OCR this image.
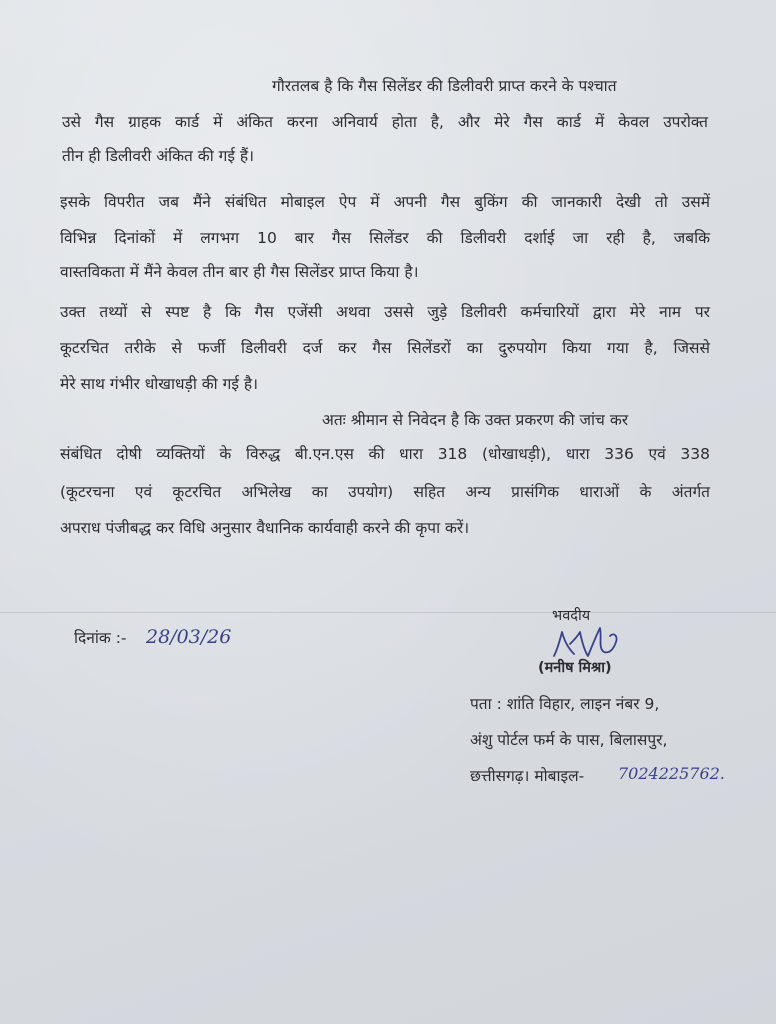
गौरतलब है कि गैस सिलेंडर की डिलीवरी प्राप्त करने के पश्चात
उसे गैस ग्राहक कार्ड में अंकित करना अनिवार्य होता है, और मेरे गैस कार्ड में केवल उपरोक्त
तीन ही डिलीवरी अंकित की गई हैं।
इसके विपरीत जब मैंने संबंधित मोबाइल ऐप में अपनी गैस बुकिंग की जानकारी देखी तो उसमें
विभिन्न दिनांकों में लगभग 10 बार गैस सिलेंडर की डिलीवरी दर्शाई जा रही है, जबकि
वास्तविकता में मैंने केवल तीन बार ही गैस सिलेंडर प्राप्त किया है।
उक्त तथ्यों से स्पष्ट है कि गैस एजेंसी अथवा उससे जुड़े डिलीवरी कर्मचारियों द्वारा मेरे नाम पर
कूटरचित तरीके से फर्जी डिलीवरी दर्ज कर गैस सिलेंडरों का दुरुपयोग किया गया है, जिससे
मेरे साथ गंभीर धोखाधड़ी की गई है।
अतः श्रीमान से निवेदन है कि उक्त प्रकरण की जांच कर
संबंधित दोषी व्यक्तियों के विरुद्ध बी.एन.एस की धारा 318 (धोखाधड़ी), धारा 336 एवं 338
(कूटरचना एवं कूटरचित अभिलेख का उपयोग) सहित अन्य प्रासंगिक धाराओं के अंतर्गत
अपराध पंजीबद्ध कर विधि अनुसार वैधानिक कार्यवाही करने की कृपा करें।
दिनांक :- 28/03/26
भवदीय
(मनीष मिश्रा)
पता : शांति विहार, लाइन नंबर 9,
अंशु पोर्टल फर्म के पास, बिलासपुर,
छत्तीसगढ़। मोबाइल- 7024225762.
